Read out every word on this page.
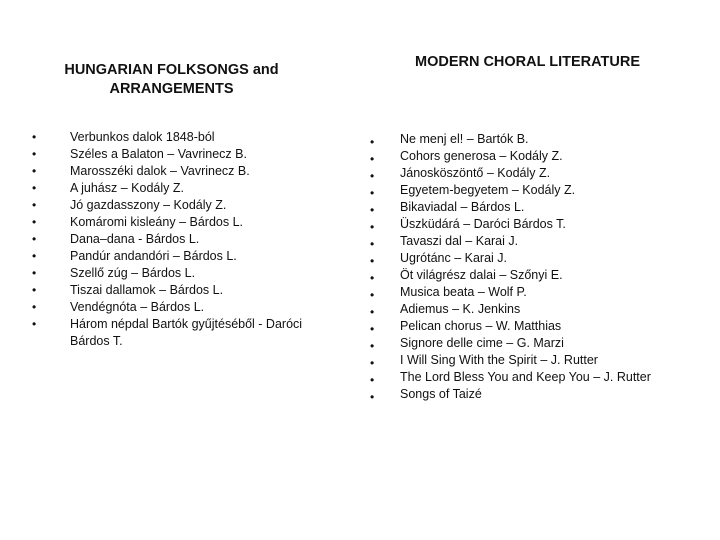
HUNGARIAN FOLKSONGS and ARRANGEMENTS
•	Verbunkos dalok 1848-ból
•	Széles a Balaton – Vavrinecz B.
•	Marosszéki dalok – Vavrinecz B.
•	A juhász – Kodály Z.
•	Jó gazdasszony – Kodály Z.
•	Komáromi kisleány – Bárdos L.
•	Dana–dana - Bárdos L.
•	Pandúr andandóri – Bárdos L.
•	Szellő zúg – Bárdos L.
•	Tiszai dallamok – Bárdos L.
•	Vendégnóta – Bárdos L.
•	Három népdal Bartók gyűjtéséből - Daróci Bárdos T.
MODERN CHORAL LITERATURE
• Ne menj el! – Bartók B.
• Cohors generosa – Kodály Z.
• Jánosköszöntő – Kodály Z.
• Egyetem-begyetem – Kodály Z.
• Bikaviadal – Bárdos L.
• Üszküdárá – Daróci Bárdos T.
• Tavaszi dal – Karai J.
• Ugrótánc – Karai J.
• Öt világrész dalai – Szőnyi E.
• Musica beata – Wolf P.
• Adiemus – K. Jenkins
• Pelican chorus – W. Matthias
• Signore delle cime – G. Marzi
• I Will Sing With the Spirit – J. Rutter
• The Lord Bless You and Keep You – J. Rutter
• Songs of Taizé
